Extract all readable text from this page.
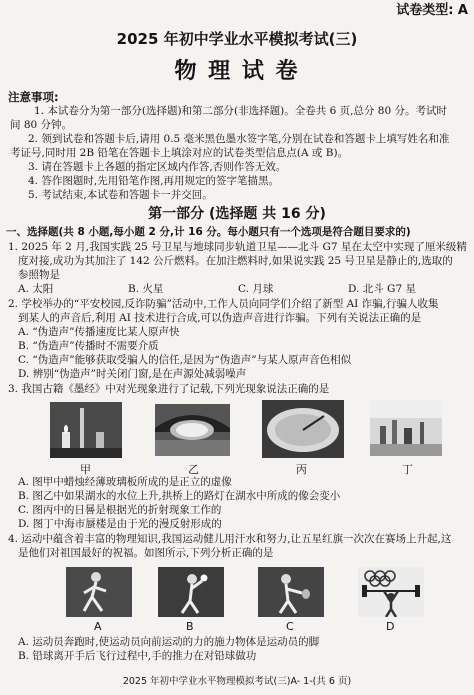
试卷类型: A
2025 年初中学业水平模拟考试(三)
物 理 试 卷
注意事项:
1. 本试卷分为第一部分(选择题)和第二部分(非选择题)。全卷共 6 页,总分 80 分。考试时
间 80 分钟。
2. 领到试卷和答题卡后,请用 0.5 毫米黑色墨水签字笔,分别在试卷和答题卡上填写姓名和准
考证号,同时用 2B 铅笔在答题卡上填涂对应的试卷类型信息点(A 或 B)。
3. 请在答题卡上各题的指定区域内作答,否则作答无效。
4. 答作图题时,先用铅笔作图,再用规定的签字笔描黑。
5. 考试结束,本试卷和答题卡一并交回。
第一部分 (选择题 共 16 分)
一、选择题(共 8 小题,每小题 2 分,计 16 分。每小题只有一个选项是符合题目要求的)
1. 2025 年 2 月,我国实践 25 号卫星与地球同步轨道卫星——北斗 G7 星在太空中实现了厘米级精
度对接,成功为其加注了 142 公斤燃料。在加注燃料时,如果说实践 25 号卫星是静止的,选取的
参照物是
A. 太阳	B. 火星	C. 月球	D. 北斗 G7 星
2. 学校举办的“平安校园,反诈防骗”活动中,工作人员向同学们介绍了新型 AI 诈骗,行骗人收集
到某人的声音后,利用 AI 技术进行合成,可以伪造声音进行诈骗。下列有关说法正确的是
A. “伪造声”传播速度比某人原声快
B. “伪造声”传播时不需要介质
C. “伪造声”能够获取受骗人的信任,是因为“伪造声”与某人原声音色相似
D. 辨别“伪造声”时关闭门窗,是在声源处减弱噪声
3. 我国古籍《墨经》中对光现象进行了记载,下列光现象说法正确的是
甲	乙	丙	丁
A. 图甲中蜡烛经薄玻璃板所成的是正立的虚像
B. 图乙中如果湖水的水位上升,拱桥上的路灯在湖水中所成的像会变小
C. 图丙中的日晷是根据光的折射现象工作的
D. 图丁中海市蜃楼是由于光的漫反射形成的
4. 运动中蕴含着丰富的物理知识,我国运动健儿用汗水和努力,让五星红旗一次次在赛场上升起,这
是他们对祖国最好的祝福。如图所示,下列分析正确的是
A	B	C	D
A. 运动员奔跑时,使运动员向前运动的力的施力物体是运动员的脚
B. 铅球离开手后飞行过程中,手的推力在对铅球做功
2025 年初中学业水平物理模拟考试(三)A- 1-(共 6 页)
